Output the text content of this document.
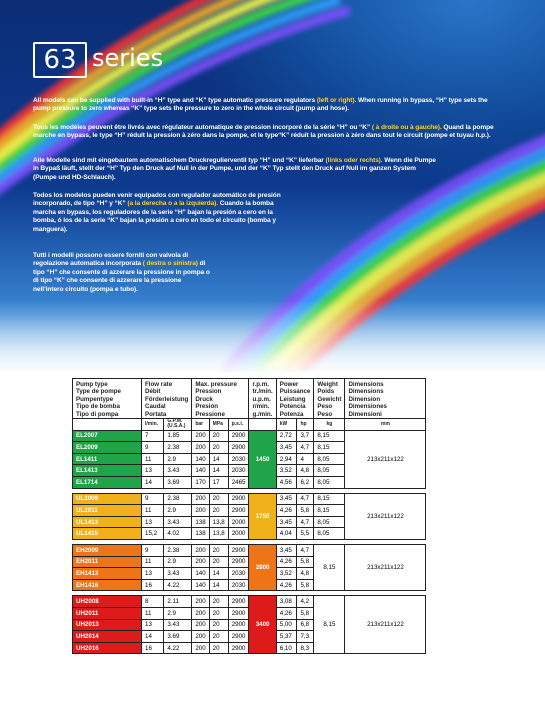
63 series
All models can be supplied with built-in “H” type and “K” type automatic pressure regulators (left or right). When running in bypass, “H” type sets the pump pressure to zero whereas “K” type sets the pressure to zero in the whole circuit (pump and hose).
Tous les modèles peuvent être livrés avec régulateur automatique de pression incorporé de la série “H” ou “K” ( à droite ou à gauche). Quand la pompe marche en bypass, le type “H” réduit la pression à zéro dans la pompe, et le type“K” réduit la pression à zéro dans tout le circuit (pompe et tuyau h.p.).
Alle Modelle sind mit eingebautem automatischem Druckregulierventil typ “H” und “K” lieferbar (links oder rechts). Wenn die Pumpe in Bypaß läuft, stellt der “H” Typ den Druck auf Null in der Pumpe, und der “K” Typ stellt den Druck auf Null im ganzen System (Pumpe und HD-Schlauch).
Todos los modelos pueden venir equipados con regulador automático de presión incorporado, de tipo “H” y “K” (a la derecha o a la izquierda). Cuando la bomba marcha en bypass, los reguladores de la serie “H” bajan la presión a cero en la bomba, ó los de la serie “K” bajan la presión a cero en todo el circuito (bomba y manguera).
Tutti i modelli possono essere forniti con valvola di regolazione automatica incorporata ( destra o sinistra) di tipo “H” che consente di azzerare la pressione in pompa o di tipo “K” che consente di azzerare la pressione nell’intero circuito (pompa e tubo).
Pump type
Type de pompe
Pumpentype
Tipo de bomba
Tipo di pompa	Flow rate
Débit
Förderleistung
Caudal
Portata		Max. pressure
Pression
Druck
Presión
Pressione			r.p.m.
tr./min.
u.p.m.
r/min.
g./min.	Power
Puissance
Leistung
Potencia
Potenza		Weight
Poids
Gewicht
Peso
Peso	Dimensions
Dimensions
Dimension
Dimensiones
Dimensioni
	l/min.	G.P.M.
(U.S.A.)	bar	MPa	p.s.i.		kW	hp	kg	mm
EL2007	7	1.85	200	20	2900	1450	2,72	3,7	8,15	213x211x122
EL2009	9	2.38	200	20	2900		3,45	4,7	8,15	
EL1411	11	2.9	140	14	2030		2,94	4	8,05	
EL1413	13	3.43	140	14	2030		3,52	4,8	8,05	
EL1714	14	3.69	170	17	2465		4,56	6,2	8,05	

UL2009	9	2.38	200	20	2900	1750	3,45	4,7	8,15	213x211x122
UL2011	11	2.9	200	20	2900		4,26	5,8	8,15	
UL1413	13	3.43	138	13,8	2000		3,45	4,7	8,05	
UL1415	15,2	4.02	138	13,8	2000		4,04	5,5	8,05	

EH2009	9	2.38	200	20	2900	2800	3,45	4,7	8,15	213x211x122
EH2011	11	2.9	200	20	2900		4,26	5,8		
EH1413	13	3.43	140	14	2030		3,52	4,8		
EH1416	16	4.22	140	14	2030		4,26	5,8		

UH2008	8	2.11	200	20	2900	3400	3,08	4,2	8,15	213x211x122
UH2011	11	2.9	200	20	2900		4,26	5,8		
UH2013	13	3.43	200	20	2900		5,00	6,8		
UH2014	14	3.69	200	20	2900		5,37	7,3		
UH2016	16	4.22	200	20	2900		6,10	8,3		
